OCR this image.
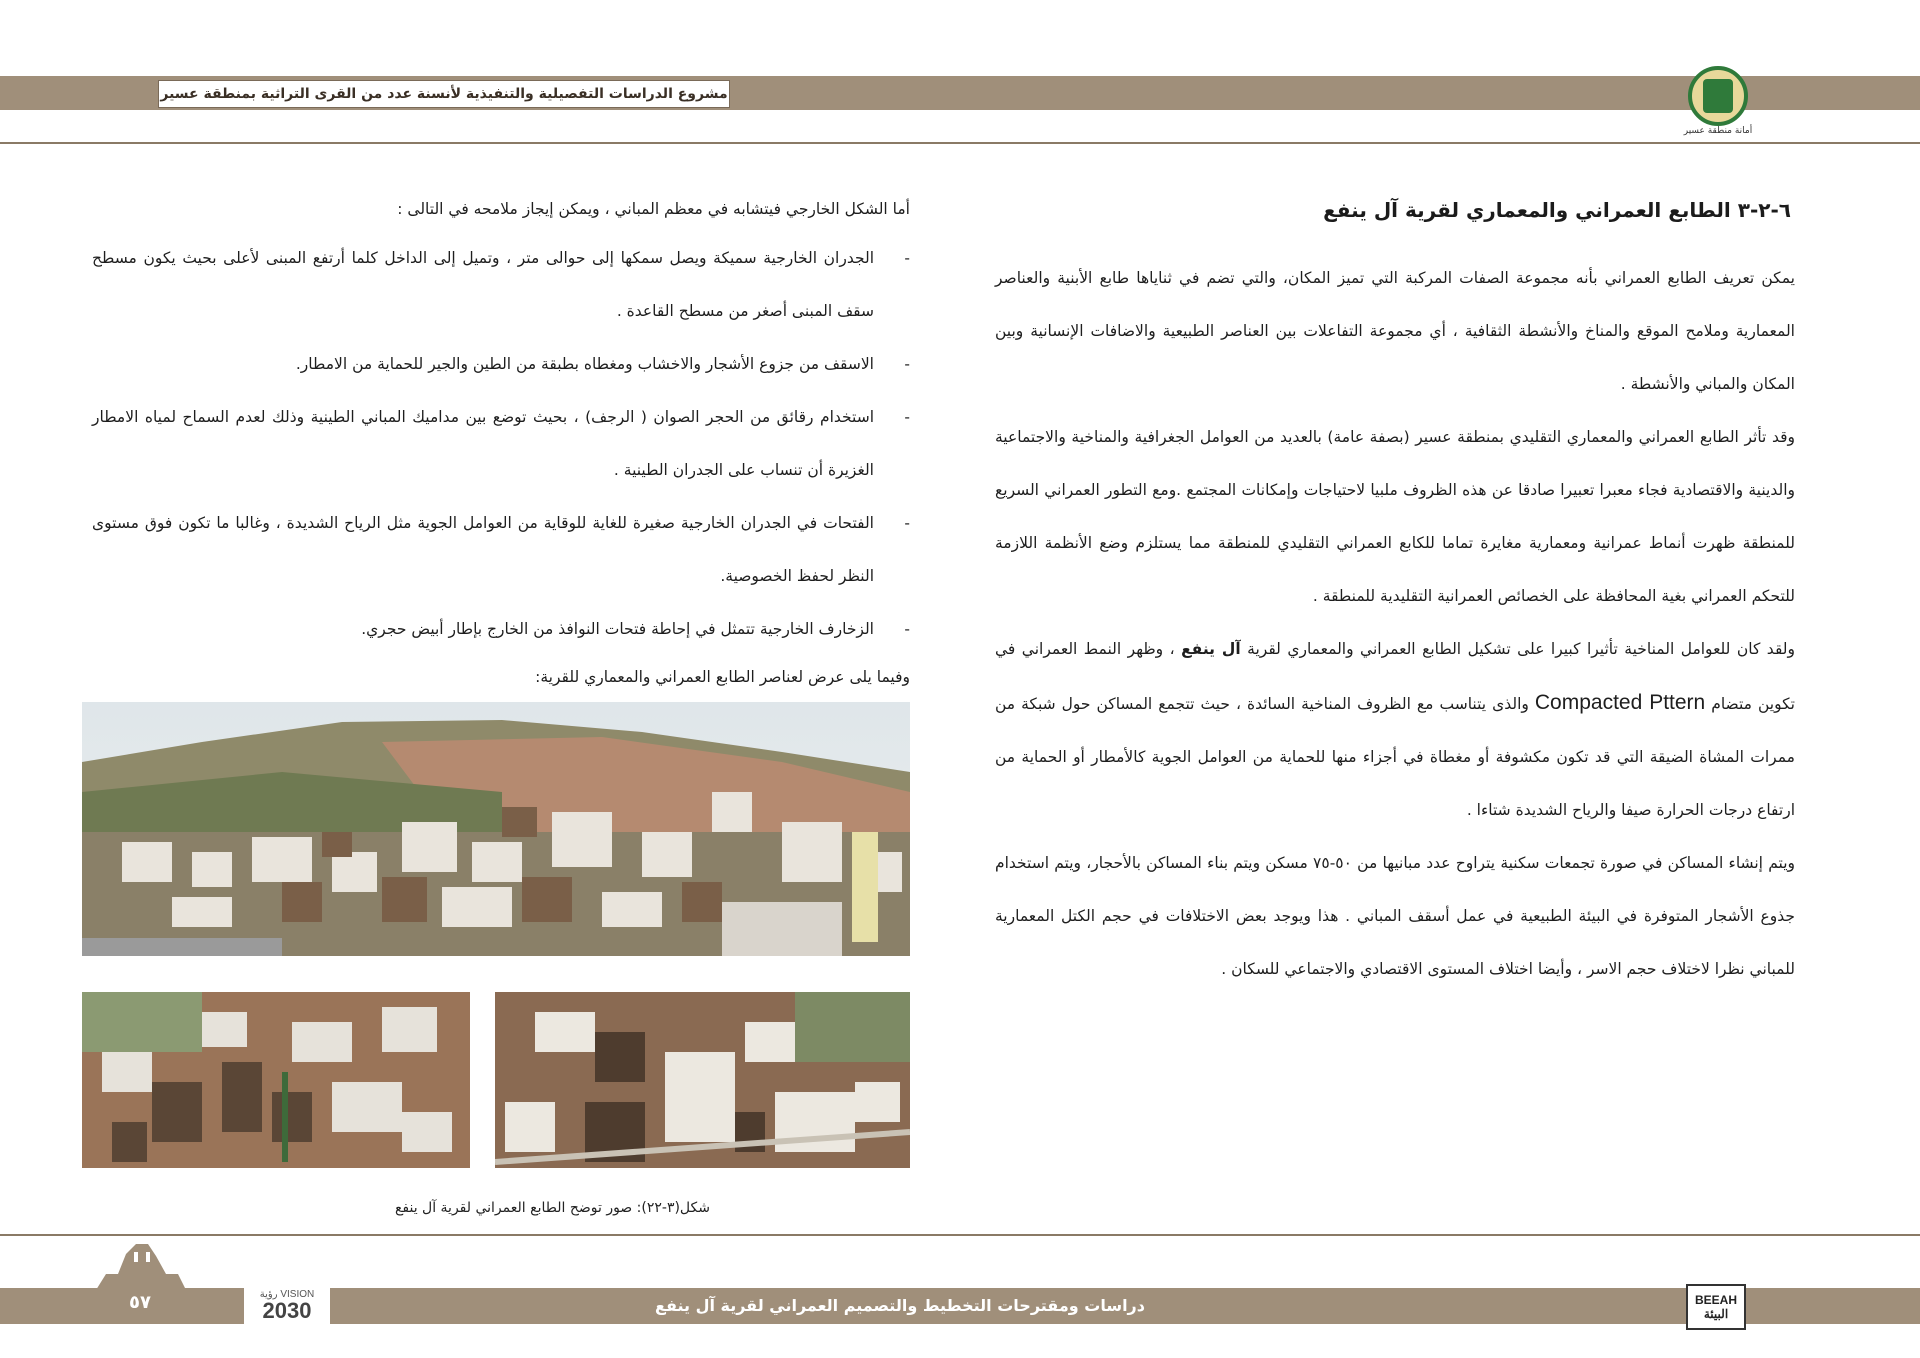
مشروع الدراسات التفصيلية والتنفيذية لأنسنة عدد من القرى التراثية بمنطقة عسير
أمانة منطقة عسير
٦-٢-٣ الطابع العمراني والمعماري لقرية آل ينفع

يمكن تعريف الطابع العمراني بأنه مجموعة الصفات المركبة التي تميز المكان، والتي تضم في ثناياها طابع الأبنية والعناصر المعمارية وملامح الموقع والمناخ والأنشطة الثقافية ، أي مجموعة التفاعلات بين العناصر الطبيعية والاضافات الإنسانية وبين المكان والمباني والأنشطة .

وقد تأثر الطابع العمراني والمعماري التقليدي بمنطقة عسير (بصفة عامة) بالعديد من العوامل الجغرافية والمناخية والاجتماعية والدينية والاقتصادية فجاء معبرا تعبيرا صادقا عن هذه الظروف ملبيا لاحتياجات وإمكانات المجتمع .ومع التطور العمراني السريع للمنطقة ظهرت أنماط عمرانية ومعمارية مغايرة تماما للكابع العمراني التقليدي للمنطقة مما يستلزم وضع الأنظمة اللازمة للتحكم العمراني بغية المحافظة على الخصائص العمرانية التقليدية للمنطقة .

ولقد كان للعوامل المناخية تأثيرا كبيرا على تشكيل الطابع العمراني والمعماري لقرية آل ينفع ، وظهر النمط العمراني في تكوين متضام Compacted Pttern والذى يتناسب مع الظروف المناخية السائدة ، حيث تتجمع المساكن حول شبكة من ممرات المشاة الضيقة التي قد تكون مكشوفة أو مغطاة في أجزاء منها للحماية من العوامل الجوية كالأمطار أو الحماية من ارتفاع درجات الحرارة صيفا والرياح الشديدة شتاءا .

ويتم إنشاء المساكن في صورة تجمعات سكنية يتراوح عدد مبانيها من ٥٠-٧٥ مسكن ويتم بناء المساكن بالأحجار، ويتم استخدام جذوع الأشجار المتوفرة في البيئة الطبيعية في عمل أسقف المباني . هذا ويوجد بعض الاختلافات في حجم الكتل المعمارية للمباني نظرا لاختلاف حجم الاسر ، وأيضا اختلاف المستوى الاقتصادي والاجتماعي للسكان .

أما الشكل الخارجي فيتشابه في معظم المباني ، ويمكن إيجاز ملامحه في التالى :

- الجدران الخارجية سميكة ويصل سمكها إلى حوالى متر ، وتميل إلى الداخل كلما أرتفع المبنى لأعلى بحيث يكون مسطح سقف المبنى أصغر من مسطح القاعدة .

- الاسقف من جزوع الأشجار والاخشاب ومغطاه بطبقة من الطين والجير للحماية من الامطار.

- استخدام رقائق من الحجر الصوان ( الرجف) ، بحيث توضع بين مداميك المباني الطينية وذلك لعدم السماح لمياه الامطار الغزيرة أن تنساب على الجدران الطينية .

- الفتحات في الجدران الخارجية صغيرة للغاية للوقاية من العوامل الجوية مثل الرياح الشديدة ، وغالبا ما تكون فوق مستوى النظر لحفظ الخصوصية.

- الزخارف الخارجية تتمثل في إحاطة فتحات النوافذ من الخارج بإطار أبيض حجري.

وفيما يلى عرض لعناصر الطابع العمراني والمعماري للقرية:

شكل(٣-٢٢): صور توضح الطابع العمراني لقرية آل ينفع
٥٧	VISION رؤية
2030	دراسات ومقترحات التخطيط والتصميم العمراني لقرية آل ينفع	BEEAH
البيئة
